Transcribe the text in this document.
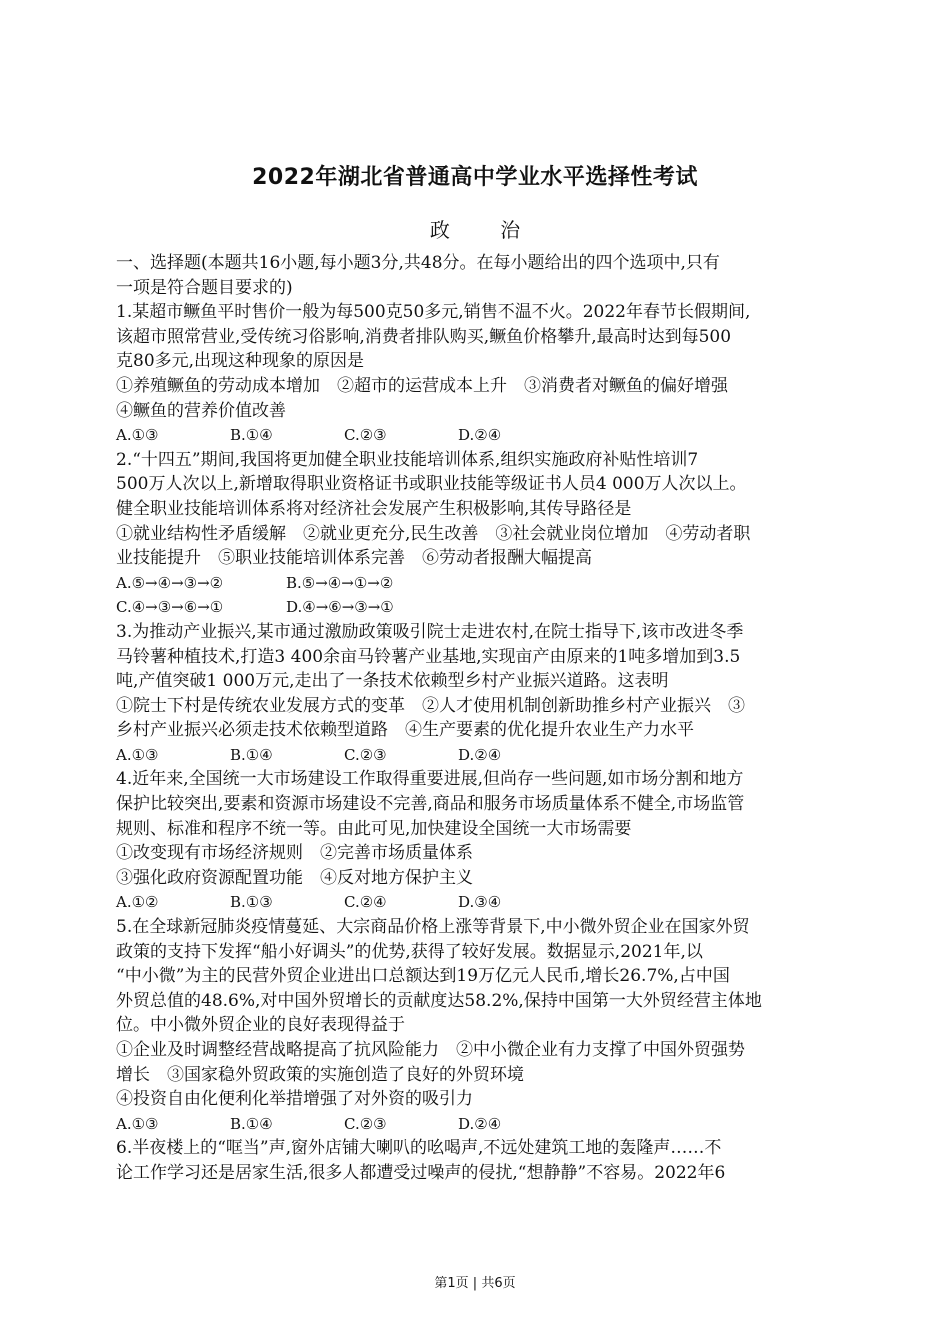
2022年湖北省普通高中学业水平选择性考试
政 治
一、选择题(本题共16小题,每小题3分,共48分。在每小题给出的四个选项中,只有
一项是符合题目要求的)
1.某超市鳜鱼平时售价一般为每500克50多元,销售不温不火。2022年春节长假期间,
该超市照常营业,受传统习俗影响,消费者排队购买,鳜鱼价格攀升,最高时达到每500
克80多元,出现这种现象的原因是
①养殖鳜鱼的劳动成本增加　②超市的运营成本上升　③消费者对鳜鱼的偏好增强
④鳜鱼的营养价值改善
A.①③	B.①④	C.②③	D.②④
2.“十四五”期间,我国将更加健全职业技能培训体系,组织实施政府补贴性培训7
500万人次以上,新增取得职业资格证书或职业技能等级证书人员4 000万人次以上。
健全职业技能培训体系将对经济社会发展产生积极影响,其传导路径是
①就业结构性矛盾缓解　②就业更充分,民生改善　③社会就业岗位增加　④劳动者职
业技能提升　⑤职业技能培训体系完善　⑥劳动者报酬大幅提高
A.⑤→④→③→②	B.⑤→④→①→②
C.④→③→⑥→①	D.④→⑥→③→①
3.为推动产业振兴,某市通过激励政策吸引院士走进农村,在院士指导下,该市改进冬季
马铃薯种植技术,打造3 400余亩马铃薯产业基地,实现亩产由原来的1吨多增加到3.5
吨,产值突破1 000万元,走出了一条技术依赖型乡村产业振兴道路。这表明
①院士下村是传统农业发展方式的变革　②人才使用机制创新助推乡村产业振兴　③
乡村产业振兴必须走技术依赖型道路　④生产要素的优化提升农业生产力水平
A.①③	B.①④	C.②③	D.②④
4.近年来,全国统一大市场建设工作取得重要进展,但尚存一些问题,如市场分割和地方
保护比较突出,要素和资源市场建设不完善,商品和服务市场质量体系不健全,市场监管
规则、标准和程序不统一等。由此可见,加快建设全国统一大市场需要
①改变现有市场经济规则　②完善市场质量体系
③强化政府资源配置功能　④反对地方保护主义
A.①②	B.①③	C.②④	D.③④
5.在全球新冠肺炎疫情蔓延、大宗商品价格上涨等背景下,中小微外贸企业在国家外贸
政策的支持下发挥“船小好调头”的优势,获得了较好发展。数据显示,2021年,以
“中小微”为主的民营外贸企业进出口总额达到19万亿元人民币,增长26.7%,占中国
外贸总值的48.6%,对中国外贸增长的贡献度达58.2%,保持中国第一大外贸经营主体地
位。中小微外贸企业的良好表现得益于
①企业及时调整经营战略提高了抗风险能力　②中小微企业有力支撑了中国外贸强势
增长　③国家稳外贸政策的实施创造了良好的外贸环境
④投资自由化便利化举措增强了对外资的吸引力
A.①③	B.①④	C.②③	D.②④
6.半夜楼上的“哐当”声,窗外店铺大喇叭的吆喝声,不远处建筑工地的轰隆声……不
论工作学习还是居家生活,很多人都遭受过噪声的侵扰,“想静静”不容易。2022年6
第1页 | 共6页
